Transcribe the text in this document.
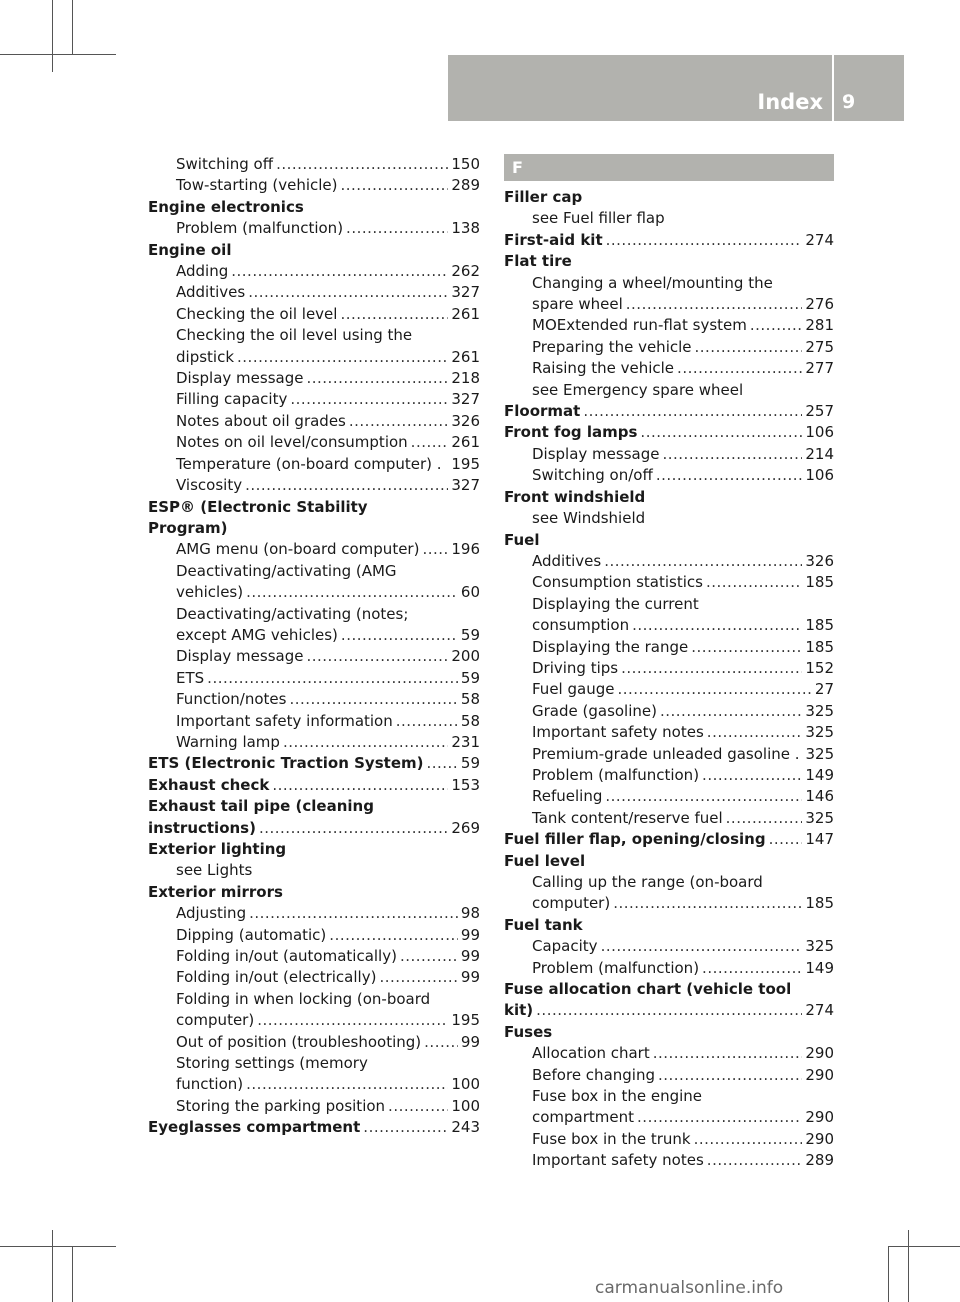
Index 9
Switching off .....	150
Tow-starting (vehicle) .....	289
Engine electronics
Problem (malfunction) .....	138
Engine oil
Adding .....	262
Additives .....	327
Checking the oil level .....	261
Checking the oil level using the
dipstick .....	261
Display message .....	218
Filling capacity .....	327
Notes about oil grades .....	326
Notes on oil level/consumption .....	261
Temperature (on-board computer) . 195
Viscosity .....	327
ESP® (Electronic Stability
Program)
AMG menu (on-board computer) ..... 196
Deactivating/activating (AMG
vehicles) .....	60
Deactivating/activating (notes;
except AMG vehicles) .....	59
Display message .....	200
ETS .....	59
Function/notes .....	58
Important safety information .....	58
Warning lamp .....	231
ETS (Electronic Traction System) ..... 59
Exhaust check .....	153
Exhaust tail pipe (cleaning
instructions) .....	269
Exterior lighting
see Lights
Exterior mirrors
Adjusting .....	98
Dipping (automatic) .....	99
Folding in/out (automatically) .....	99
Folding in/out (electrically) .....	99
Folding in when locking (on-board
computer) .....	195
Out of position (troubleshooting) .....	99
Storing settings (memory
function) .....	100
Storing the parking position .....	100
Eyeglasses compartment .....	243
F
Filler cap
see Fuel filler flap
First-aid kit .....	274
Flat tire
Changing a wheel/mounting the
spare wheel .....	276
MOExtended run-flat system .....	281
Preparing the vehicle .....	275
Raising the vehicle .....	277
see Emergency spare wheel
Floormat .....	257
Front fog lamps .....	106
Display message .....	214
Switching on/off .....	106
Front windshield
see Windshield
Fuel
Additives .....	326
Consumption statistics .....	185
Displaying the current
consumption .....	185
Displaying the range .....	185
Driving tips .....	152
Fuel gauge .....	27
Grade (gasoline) .....	325
Important safety notes .....	325
Premium-grade unleaded gasoline . 325
Problem (malfunction) .....	149
Refueling .....	146
Tank content/reserve fuel .....	325
Fuel filler flap, opening/closing .....	147
Fuel level
Calling up the range (on-board
computer) .....	185
Fuel tank
Capacity .....	325
Problem (malfunction) .....	149
Fuse allocation chart (vehicle tool
kit) .....	274
Fuses
Allocation chart .....	290
Before changing .....	290
Fuse box in the engine
compartment .....	290
Fuse box in the trunk .....	290
Important safety notes .....	289
carmanualsonline.info
